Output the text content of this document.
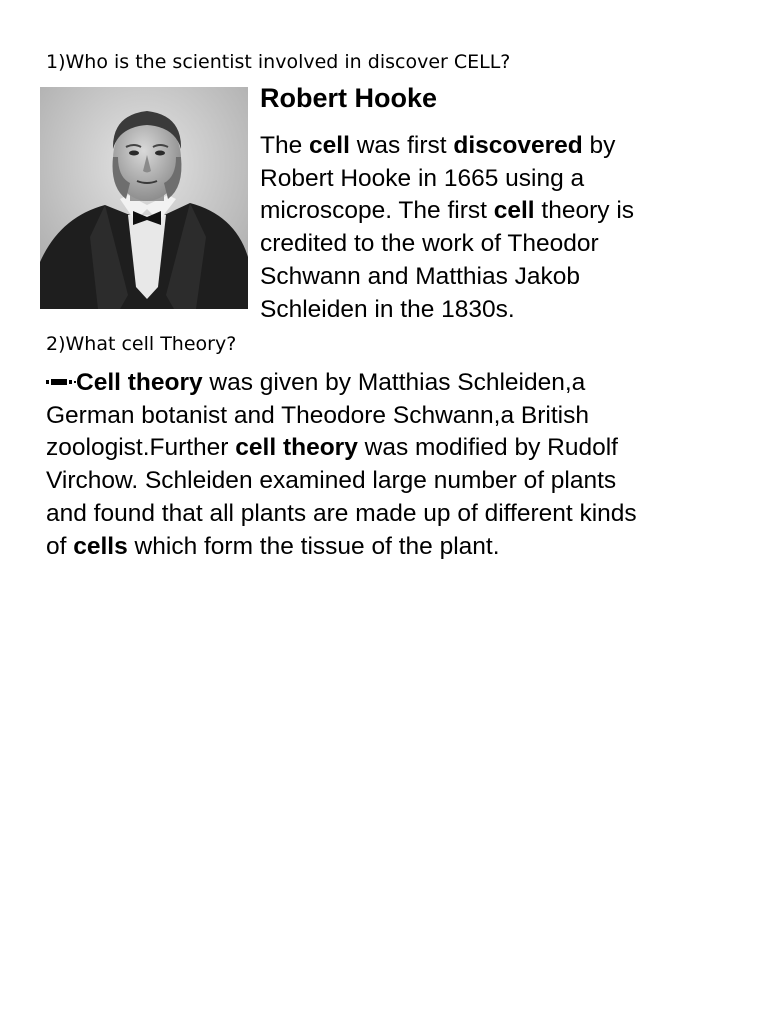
1)Who is the scientist involved in discover CELL?
Robert Hooke
The cell was first discovered by
Robert Hooke in 1665 using a
microscope. The first cell theory is
credited to the work of Theodor
Schwann and Matthias Jakob
Schleiden in the 1830s.
2)What cell Theory?
Cell theory was given by Matthias Schleiden,a
German botanist and Theodore Schwann,a British
zoologist.Further cell theory was modified by Rudolf
Virchow. Schleiden examined large number of plants
and found that all plants are made up of different kinds
of cells which form the tissue of the plant.
